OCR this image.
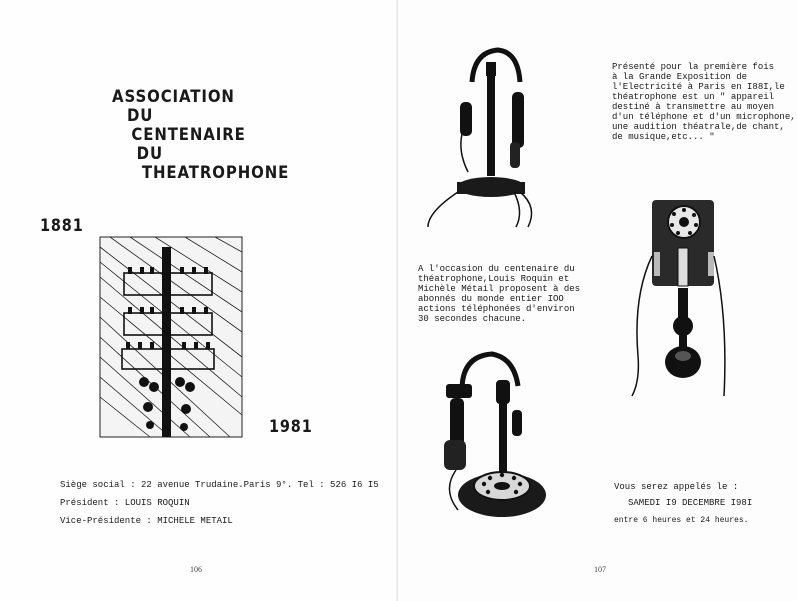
ASSOCIATION
DU
CENTENAIRE
DU
THEATROPHONE
1881
1981
Siège social : 22 avenue Trudaine.Paris 9°. Tel : 526 I6 I5
Président : LOUIS ROQUIN
Vice-Présidente : MICHELE METAIL
106
Présenté pour la première fois
à la Grande Exposition de
l'Electricité à Paris en I88I,le
théatrophone est un " appareil
destiné à transmettre au moyen
d'un téléphone et d'un microphone,
une audition théatrale,de chant,
de musique,etc... "
A l'occasion du centenaire du
théatrophone,Louis Roquin et
Michèle Métail proposent à des
abonnés du monde entier IOO
actions téléphonées d'environ
30 secondes chacune.
Vous serez appelés le :
SAMEDI I9 DECEMBRE I98I
entre 6 heures et 24 heures.
107
